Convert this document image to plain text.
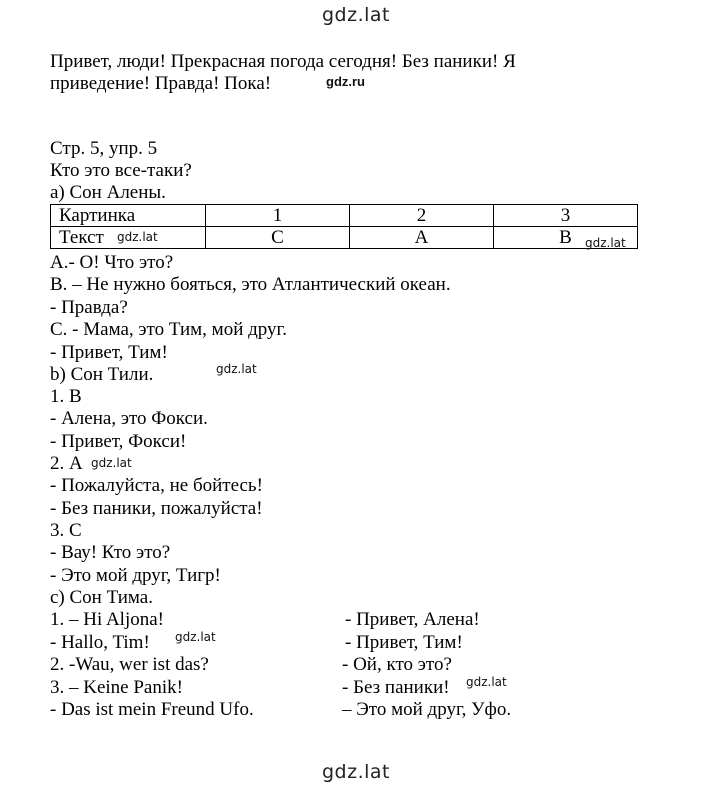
gdz.lat
Привет, люди! Прекрасная погода сегодня! Без паники! Я
приведение! Правда! Пока!	gdz.ru
Стр. 5, упр. 5
Кто это все-таки?
а) Сон Алены.
Картинка	1	2	3
Текст	C	A	B
gdz.lat	gdz.lat
А.- О! Что это?
В. – Не нужно бояться, это Атлантический океан.
- Правда?
С. - Мама, это Тим, мой друг.
- Привет, Тим!
b) Сон Тили.	gdz.lat
1. В
- Алена, это Фокси.
- Привет, Фокси!
2. А gdz.lat
- Пожалуйста, не бойтесь!
- Без паники, пожалуйста!
3. С
- Вау! Кто это?
- Это мой друг, Тигр!
с) Сон Тима.
1. – Hi Aljona!	- Привет, Алена!
- Hallo, Tim! gdz.lat	- Привет, Тим!
2. -Wau, wer ist das?	- Ой, кто это?
3. – Keine Panik!	- Без паники! gdz.lat
- Das ist mein Freund Ufo.	– Это мой друг, Уфо.
gdz.lat
